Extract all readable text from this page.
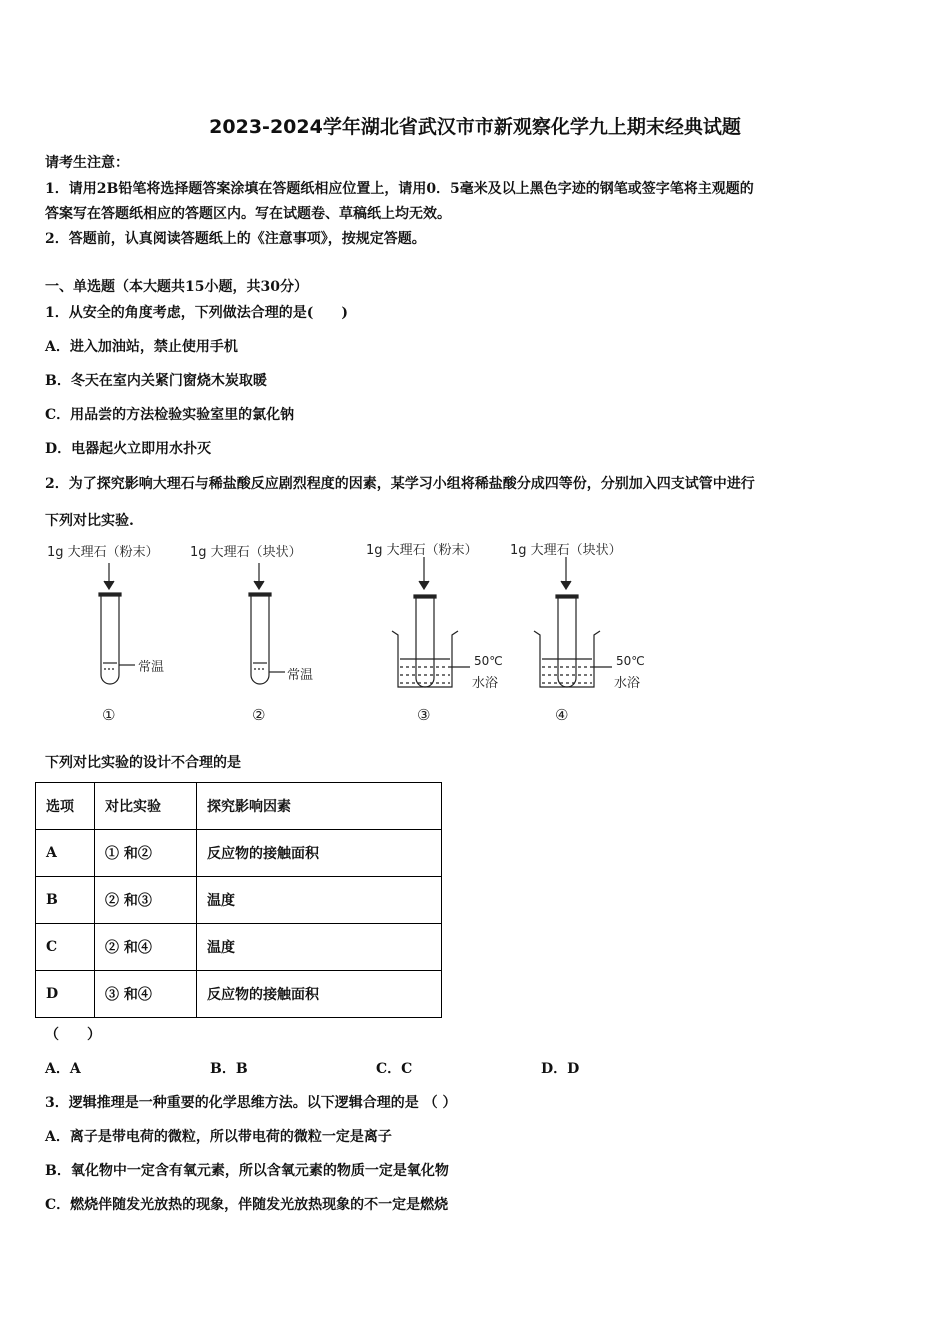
2023-2024学年湖北省武汉市市新观察化学九上期末经典试题
请考生注意：
1．请用2B铅笔将选择题答案涂填在答题纸相应位置上，请用0．5毫米及以上黑色字迹的钢笔或签字笔将主观题的
答案写在答题纸相应的答题区内。写在试题卷、草稿纸上均无效。
2．答题前，认真阅读答题纸上的《注意事项》，按规定答题。
一、单选题（本大题共15小题，共30分）
1．从安全的角度考虑，下列做法合理的是(　　)
A．进入加油站，禁止使用手机
B．冬天在室内关紧门窗烧木炭取暖
C．用品尝的方法检验实验室里的氯化钠
D．电器起火立即用水扑灭
2．为了探究影响大理石与稀盐酸反应剧烈程度的因素，某学习小组将稀盐酸分成四等份，分别加入四支试管中进行
下列对比实验.
1g 大理石（粉末） 1g 大理石（块状）	1g 大理石（粉末） 1g 大理石（块状）
常温
常温
50℃
水浴
50℃
水浴
①	②	③	④
下列对比实验的设计不合理的是
选项	对比实验	探究影响因素
A	① 和②	反应物的接触面积
B	② 和③	温度
C	② 和④	温度
D	③ 和④	反应物的接触面积
（　　）
A．A	B．B	C．C	D．D
3．逻辑推理是一种重要的化学思维方法。以下逻辑合理的是 （ ）
A．离子是带电荷的微粒，所以带电荷的微粒一定是离子
B．氧化物中一定含有氧元素，所以含氧元素的物质一定是氧化物
C．燃烧伴随发光放热的现象，伴随发光放热现象的不一定是燃烧
